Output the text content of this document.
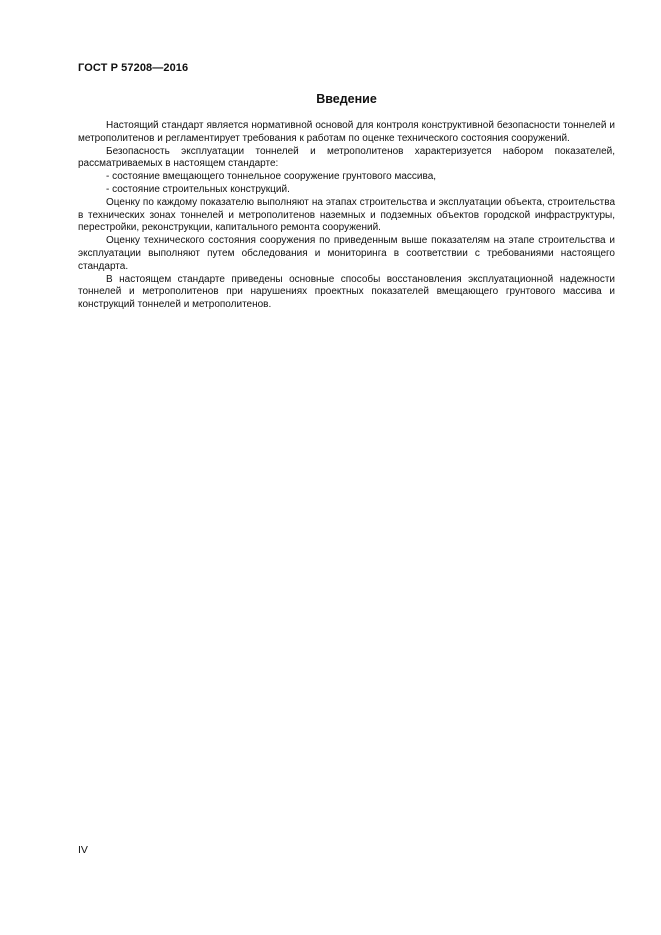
ГОСТ Р 57208—2016
Введение

Настоящий стандарт является нормативной основой для контроля конструктивной безопасности тоннелей и метрополитенов и регламентирует требования к работам по оценке технического состояния сооружений.

Безопасность эксплуатации тоннелей и метрополитенов характеризуется набором показателей, рассматриваемых в настоящем стандарте:

- состояние вмещающего тоннельное сооружение грунтового массива,

- состояние строительных конструкций.

Оценку по каждому показателю выполняют на этапах строительства и эксплуатации объекта, строительства в технических зонах тоннелей и метрополитенов наземных и подземных объектов городской инфраструктуры, перестройки, реконструкции, капитального ремонта сооружений.

Оценку технического состояния сооружения по приведенным выше показателям на этапе строительства и эксплуатации выполняют путем обследования и мониторинга в соответствии с требованиями настоящего стандарта.

В настоящем стандарте приведены основные способы восстановления эксплуатационной надежности тоннелей и метрополитенов при нарушениях проектных показателей вмещающего грунтового массива и конструкций тоннелей и метрополитенов.

IV
